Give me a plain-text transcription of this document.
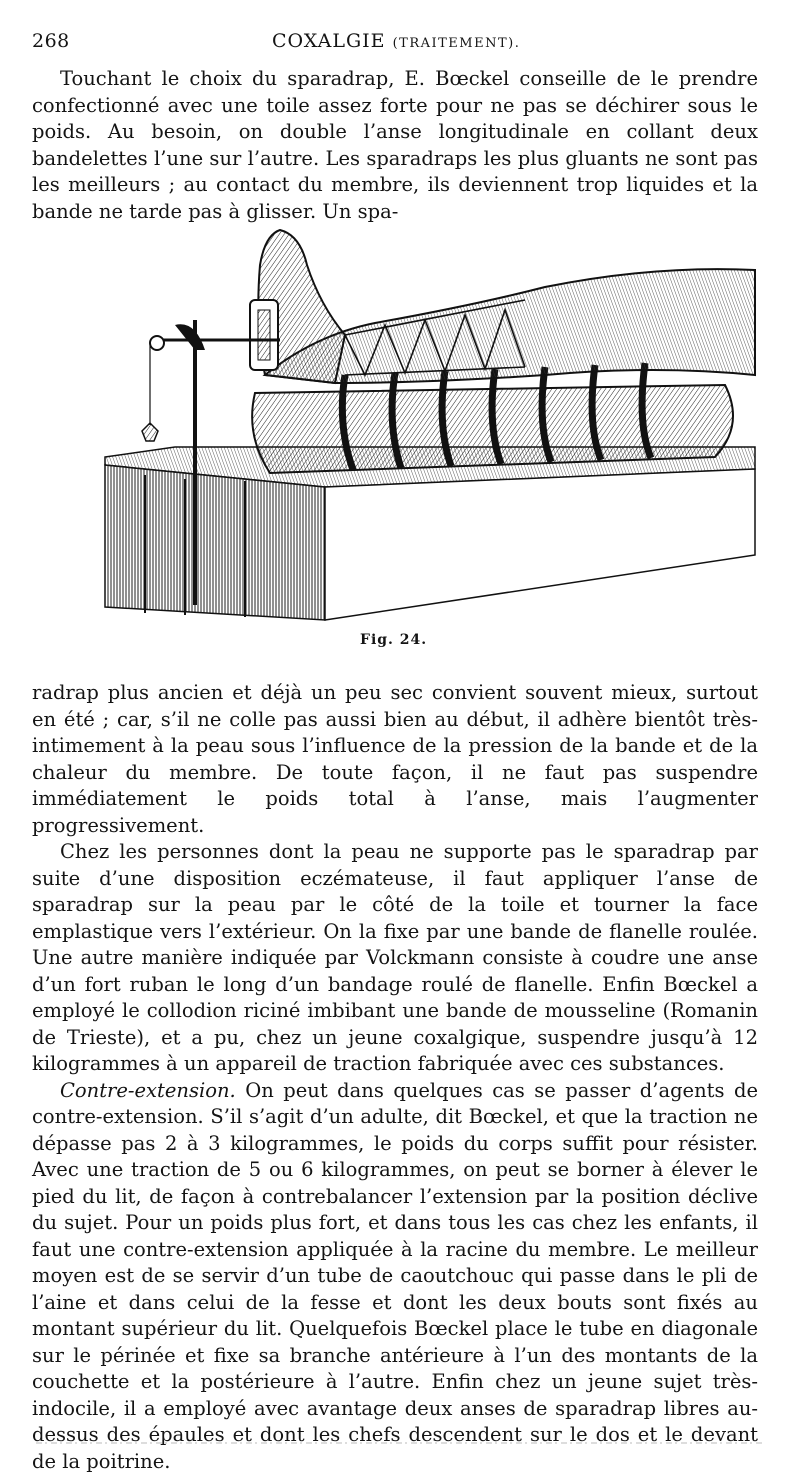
268	COXALGIE (TRAITEMENT).

Touchant le choix du sparadrap, E. Bœckel conseille de le prendre confectionné avec une toile assez forte pour ne pas se déchirer sous le poids. Au besoin, on double l’anse longitudinale en collant deux bandelettes l’une sur l’autre. Les sparadraps les plus gluants ne sont pas les meilleurs ; au contact du membre, ils deviennent trop liquides et la bande ne tarde pas à glisser. Un spa-

Fig. 24.

radrap plus ancien et déjà un peu sec convient souvent mieux, surtout en été ; car, s’il ne colle pas aussi bien au début, il adhère bientôt très-intimement à la peau sous l’influence de la pression de la bande et de la chaleur du membre. De toute façon, il ne faut pas suspendre immédiatement le poids total à l’anse, mais l’augmenter progressivement.

Chez les personnes dont la peau ne supporte pas le sparadrap par suite d’une disposition eczémateuse, il faut appliquer l’anse de sparadrap sur la peau par le côté de la toile et tourner la face emplastique vers l’extérieur. On la fixe par une bande de flanelle roulée. Une autre manière indiquée par Volckmann consiste à coudre une anse d’un fort ruban le long d’un bandage roulé de flanelle. Enfin Bœckel a employé le collodion riciné imbibant une bande de mousseline (Romanin de Trieste), et a pu, chez un jeune coxalgique, suspendre jusqu’à 12 kilogrammes à un appareil de traction fabriquée avec ces substances.

Contre-extension. On peut dans quelques cas se passer d’agents de contre-extension. S’il s’agit d’un adulte, dit Bœckel, et que la traction ne dépasse pas 2 à 3 kilogrammes, le poids du corps suffit pour résister. Avec une traction de 5 ou 6 kilogrammes, on peut se borner à élever le pied du lit, de façon à contrebalancer l’extension par la position déclive du sujet. Pour un poids plus fort, et dans tous les cas chez les enfants, il faut une contre-extension appliquée à la racine du membre. Le meilleur moyen est de se servir d’un tube de caoutchouc qui passe dans le pli de l’aine et dans celui de la fesse et dont les deux bouts sont fixés au montant supérieur du lit. Quelquefois Bœckel place le tube en diagonale sur le périnée et fixe sa branche antérieure à l’un des montants de la couchette et la postérieure à l’autre. Enfin chez un jeune sujet très-indocile, il a employé avec avantage deux anses de sparadrap libres au-dessus des épaules et dont les chefs descendent sur le dos et le devant de la poitrine.
